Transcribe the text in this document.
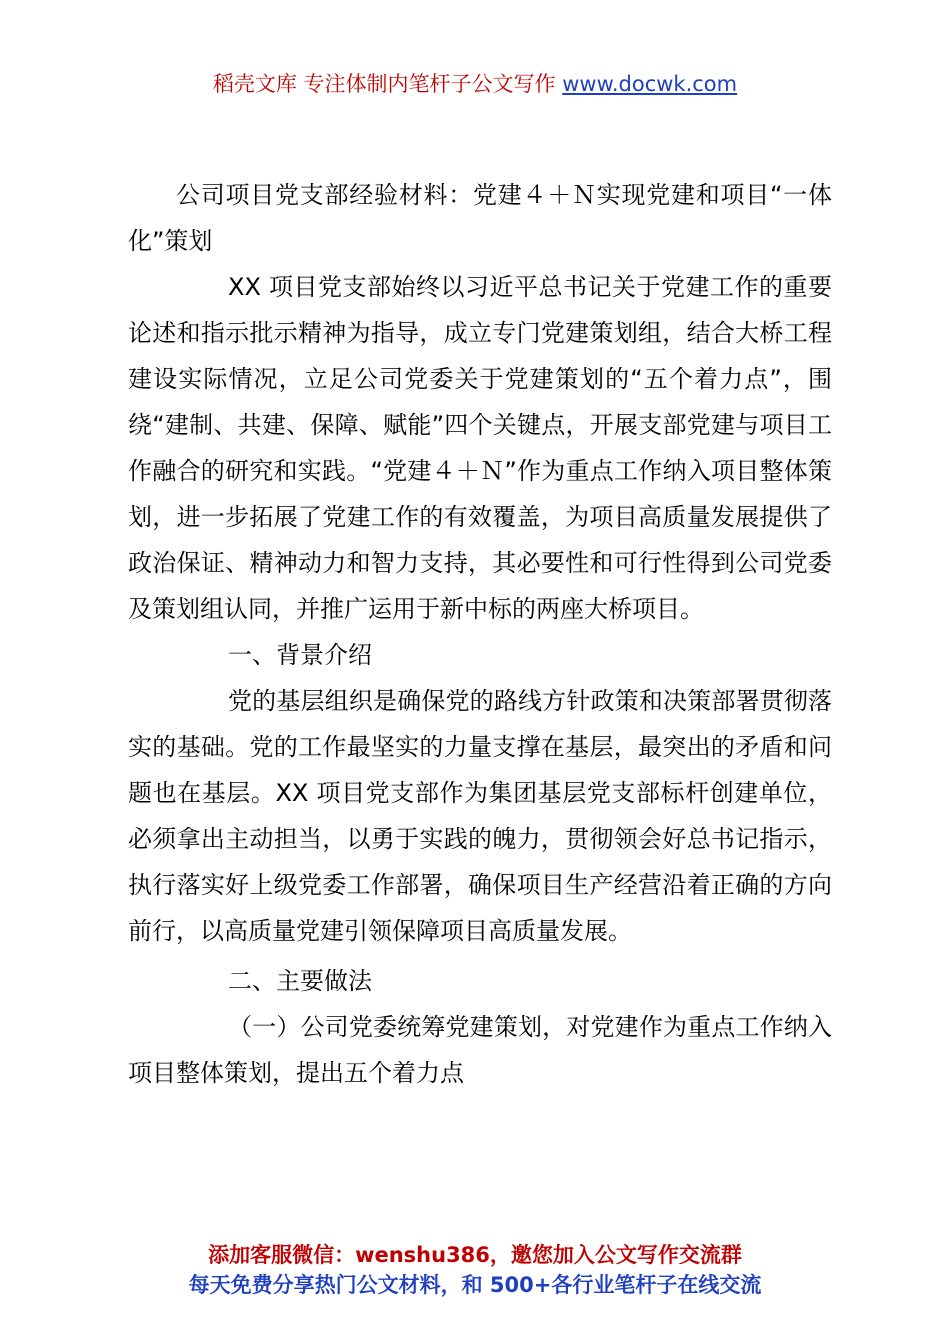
稻壳文库 专注体制内笔杆子公文写作 www.docwk.com

公司项目党支部经验材料：党建４＋Ｎ实现党建和项目“一体化”策划

XX 项目党支部始终以习近平总书记关于党建工作的重要论述和指示批示精神为指导，成立专门党建策划组，结合大桥工程建设实际情况，立足公司党委关于党建策划的“五个着力点”，围绕“建制、共建、保障、赋能”四个关键点，开展支部党建与项目工作融合的研究和实践。“党建４＋Ｎ”作为重点工作纳入项目整体策划，进一步拓展了党建工作的有效覆盖，为项目高质量发展提供了政治保证、精神动力和智力支持，其必要性和可行性得到公司党委及策划组认同，并推广运用于新中标的两座大桥项目。

一、背景介绍

党的基层组织是确保党的路线方针政策和决策部署贯彻落实的基础。党的工作最坚实的力量支撑在基层，最突出的矛盾和问题也在基层。XX 项目党支部作为集团基层党支部标杆创建单位，必须拿出主动担当，以勇于实践的魄力，贯彻领会好总书记指示，执行落实好上级党委工作部署，确保项目生产经营沿着正确的方向前行，以高质量党建引领保障项目高质量发展。

二、主要做法

（一）公司党委统筹党建策划，对党建作为重点工作纳入项目整体策划，提出五个着力点

添加客服微信：wenshu386，邀您加入公文写作交流群
每天免费分享热门公文材料，和 500+各行业笔杆子在线交流
